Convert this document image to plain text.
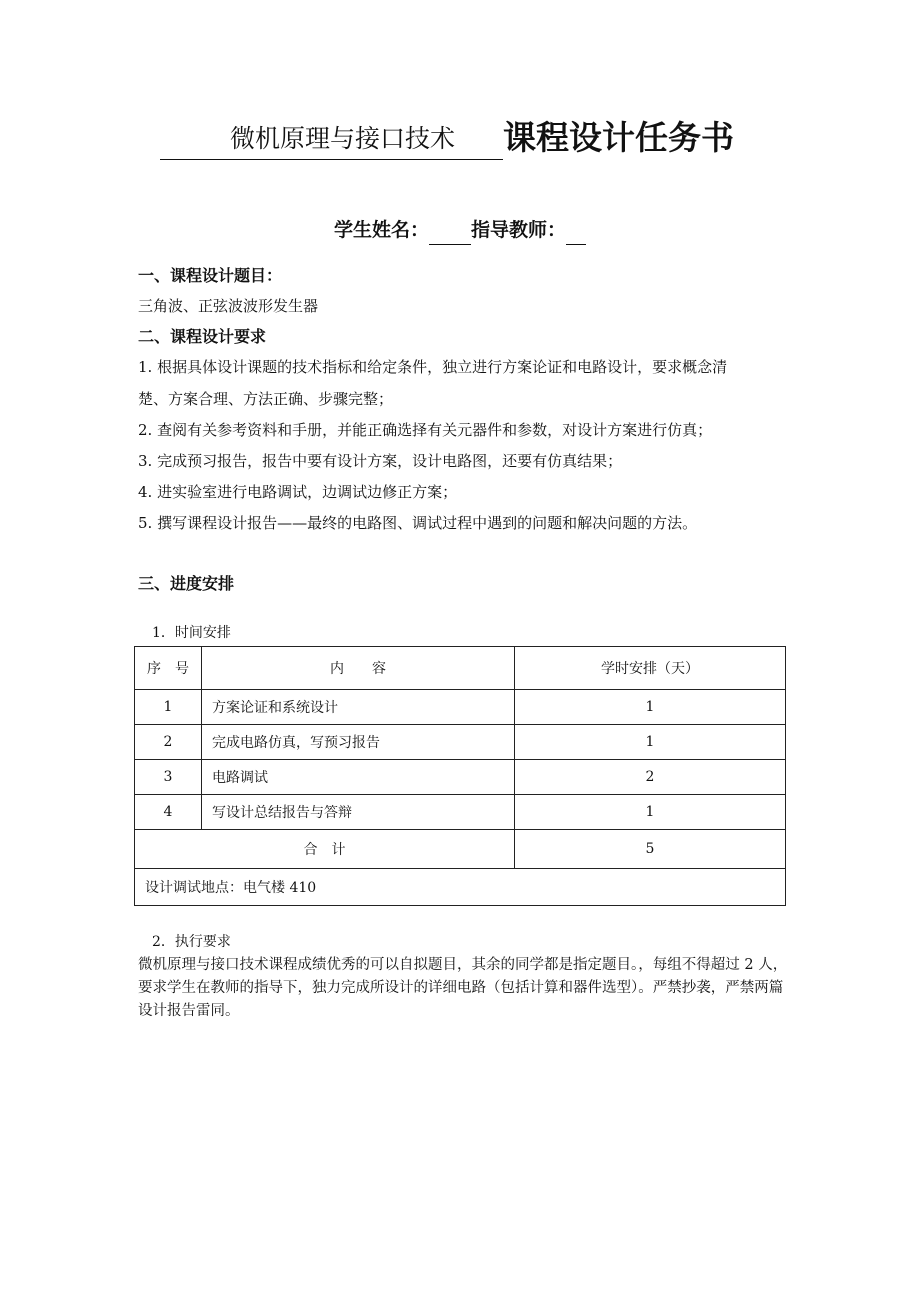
微机原理与接口技术 课程设计任务书
学生姓名： 指导教师：
一、课程设计题目：
三角波、正弦波波形发生器
二、课程设计要求
1. 根据具体设计课题的技术指标和给定条件，独立进行方案论证和电路设计，要求概念清
楚、方案合理、方法正确、步骤完整；
2. 查阅有关参考资料和手册，并能正确选择有关元器件和参数，对设计方案进行仿真；
3. 完成预习报告，报告中要有设计方案，设计电路图，还要有仿真结果；
4. 进实验室进行电路调试，边调试边修正方案；
5. 撰写课程设计报告——最终的电路图、调试过程中遇到的问题和解决问题的方法。
三、进度安排
1．时间安排
序　号	内　　容	学时安排（天）
1	方案论证和系统设计	1
2	完成电路仿真，写预习报告	1
3	电路调试	2
4	写设计总结报告与答辩	1
合　计		5
设计调试地点：电气楼 410		
2．执行要求
微机原理与接口技术课程成绩优秀的可以自拟题目，其余的同学都是指定题目。，每组不得超过 2 人，要求学生在教师的指导下，独力完成所设计的详细电路（包括计算和器件选型）。严禁抄袭，严禁两篇设计报告雷同。
